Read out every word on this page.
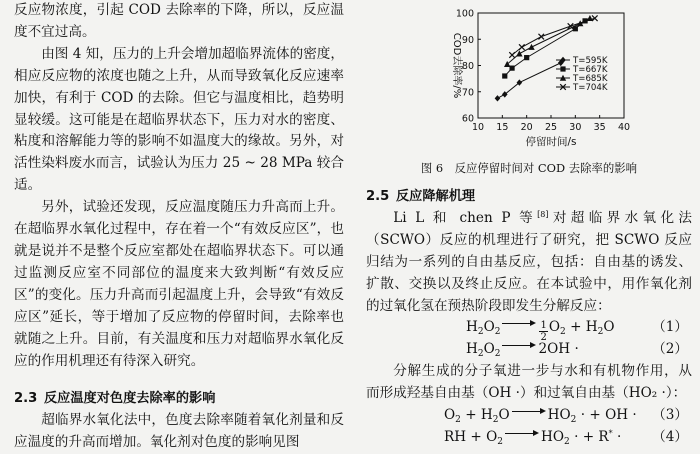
反应物浓度，引起 COD 去除率的下降，所以，反应温度不宜过高。

由图 4 知，压力的上升会增加超临界流体的密度，相应反应物的浓度也随之上升，从而导致氧化反应速率加快，有利于 COD 的去除。但它与温度相比，趋势明显较缓。这可能是在超临界状态下，压力对水的密度、粘度和溶解能力等的影响不如温度大的缘故。另外，对活性染料废水而言，试验认为压力 25 ~ 28 MPa 较合适。

另外，试验还发现，反应温度随压力升高而上升。在超临界水氧化过程中，存在着一个“有效反应区”，也就是说并不是整个反应室都处在超临界状态下。可以通过监测反应室不同部位的温度来大致判断“有效反应区”的变化。压力升高而引起温度上升，会导致“有效反应区”延长，等于增加了反应物的停留时间，去除率也就随之上升。目前，有关温度和压力对超临界水氧化反应的作用机理还有待深入研究。

2.3 反应温度对色度去除率的影响

超临界水氧化法中，色度去除率随着氧化剂量和反应温度的升高而增加。氧化剂对色度的影响见图

10 15 20 25 30 35 40
60
70
80
90
100
停留时间/s
COD去除率/%	T=595K
T=667K
T=685K
T=704K

图 6　反应停留时间对 COD 去除率的影响

2.5 反应降解机理

Li L 和 chen P 等[8]对超临界水氧化法（SCWO）反应的机理进行了研究，把 SCWO 反应归结为一系列的自由基反应，包括：自由基的诱发、扩散、交换以及终止反应。在本试验中，用作氧化剂的过氧化氢在预热阶段即发生分解反应：

$H_2O_2$	$\frac{1}{2} O_2 + H_2O$	（1）
$H_2O_2$	2OH ·	（2）

分解生成的分子氧进一步与水和有机物作用，从而形成羟基自由基（OH ·）和过氧自由基（HO₂ ·）：

$O_2 + H_2O$	$HO_2$ · + OH · （3）
RH + $O_2$	$HO_2$ · + R* · （4）
